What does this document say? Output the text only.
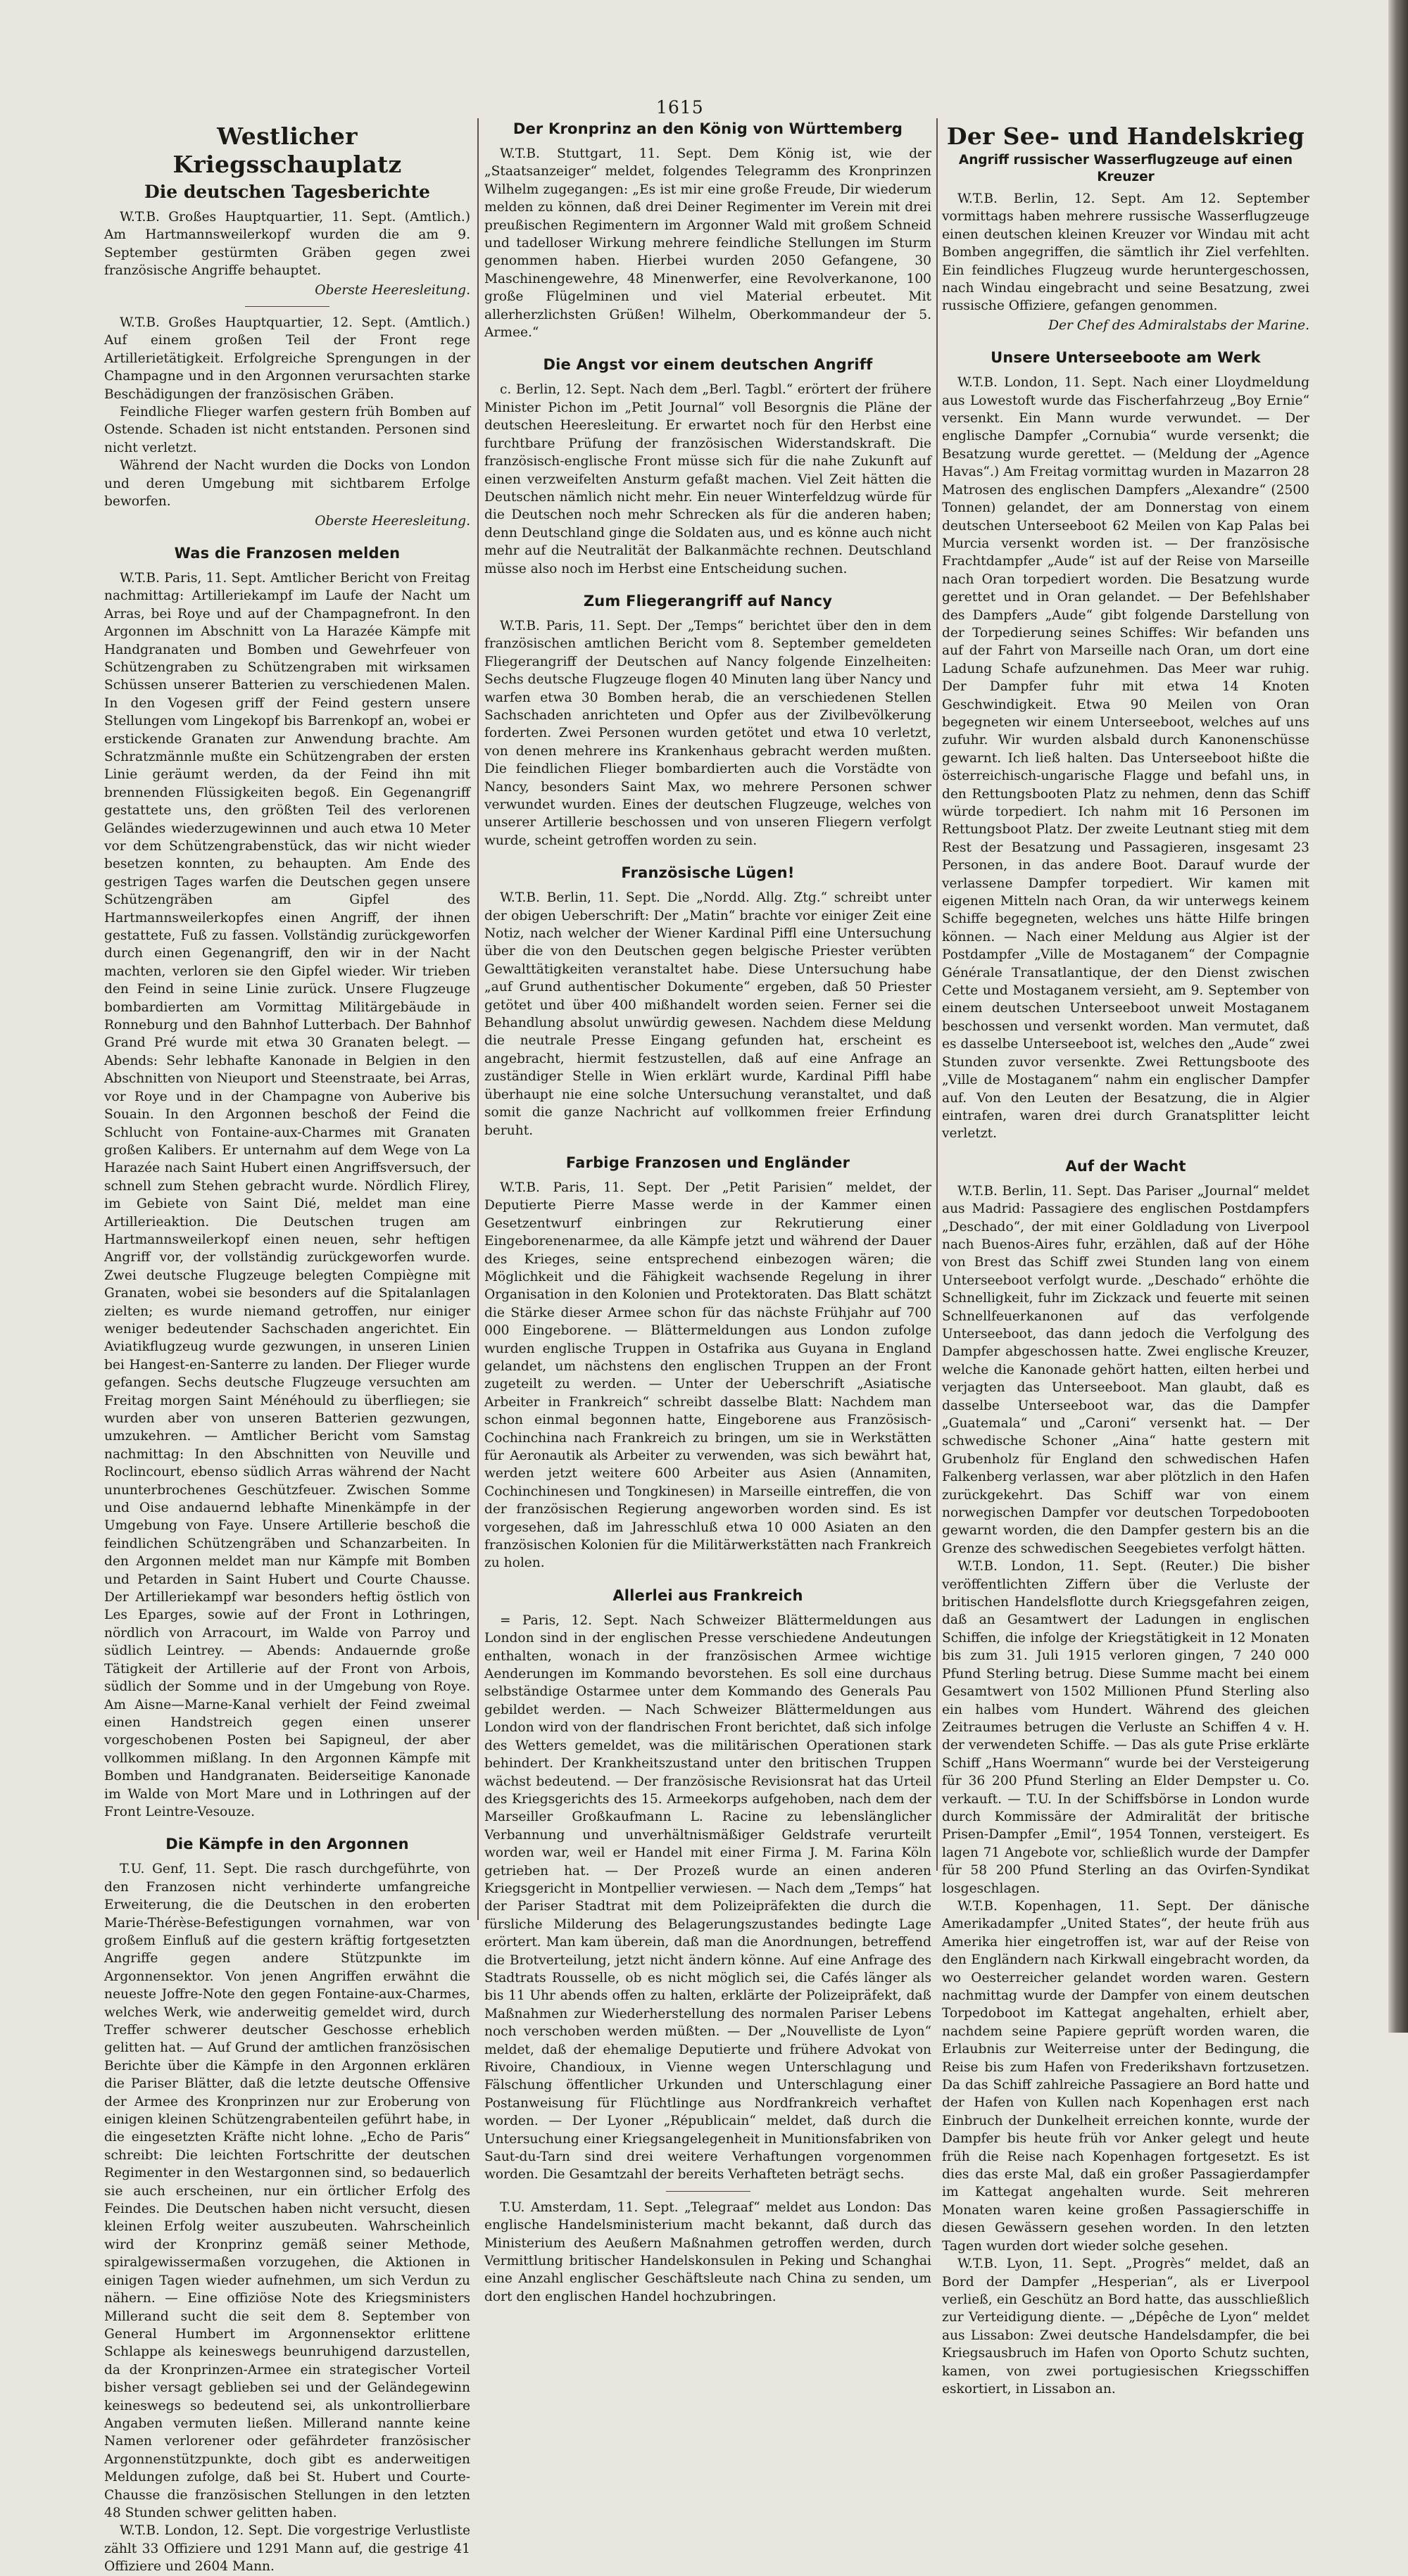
1615
Westlicher Kriegsschauplatz
Die deutschen Tagesberichte

W.T.B. Großes Hauptquartier, 11. Sept. (Amtlich.) Am Hartmannsweilerkopf wurden die am 9. September gestürmten Gräben gegen zwei französische Angriffe behauptet.

Oberste Heeresleitung.

W.T.B. Großes Hauptquartier, 12. Sept. (Amtlich.) Auf einem großen Teil der Front rege Artillerietätigkeit. Erfolgreiche Sprengungen in der Champagne und in den Argonnen verursachten starke Beschädigungen der französischen Gräben.

Feindliche Flieger warfen gestern früh Bomben auf Ostende. Schaden ist nicht entstanden. Personen sind nicht verletzt.

Während der Nacht wurden die Docks von London und deren Umgebung mit sichtbarem Erfolge beworfen.

Oberste Heeresleitung.
Was die Franzosen melden

W.T.B. Paris, 11. Sept. Amtlicher Bericht von Freitag nachmittag: Artilleriekampf im Laufe der Nacht um Arras, bei Roye und auf der Champagnefront. In den Argonnen im Abschnitt von La Harazée Kämpfe mit Handgranaten und Bomben und Gewehrfeuer von Schützengraben zu Schützengraben mit wirksamen Schüssen unserer Batterien zu verschiedenen Malen. In den Vogesen griff der Feind gestern unsere Stellungen vom Lingekopf bis Barrenkopf an, wobei er erstickende Granaten zur Anwendung brachte. Am Schratzmännle mußte ein Schützengraben der ersten Linie geräumt werden, da der Feind ihn mit brennenden Flüssigkeiten begoß. Ein Gegenangriff gestattete uns, den größten Teil des verlorenen Geländes wiederzugewinnen und auch etwa 10 Meter vor dem Schützengrabenstück, das wir nicht wieder besetzen konnten, zu behaupten. Am Ende des gestrigen Tages warfen die Deutschen gegen unsere Schützengräben am Gipfel des Hartmannsweilerkopfes einen Angriff, der ihnen gestattete, Fuß zu fassen. Vollständig zurückgeworfen durch einen Gegenangriff, den wir in der Nacht machten, verloren sie den Gipfel wieder. Wir trieben den Feind in seine Linie zurück. Unsere Flugzeuge bombardierten am Vormittag Militärgebäude in Ronneburg und den Bahnhof Lutterbach. Der Bahnhof Grand Pré wurde mit etwa 30 Granaten belegt. — Abends: Sehr lebhafte Kanonade in Belgien in den Abschnitten von Nieuport und Steenstraate, bei Arras, vor Roye und in der Champagne von Auberive bis Souain. In den Argonnen beschoß der Feind die Schlucht von Fontaine-aux-Charmes mit Granaten großen Kalibers. Er unternahm auf dem Wege von La Harazée nach Saint Hubert einen Angriffsversuch, der schnell zum Stehen gebracht wurde. Nördlich Flirey, im Gebiete von Saint Dié, meldet man eine Artillerieaktion. Die Deutschen trugen am Hartmannsweilerkopf einen neuen, sehr heftigen Angriff vor, der vollständig zurückgeworfen wurde. Zwei deutsche Flugzeuge belegten Compiègne mit Granaten, wobei sie besonders auf die Spitalanlagen zielten; es wurde niemand getroffen, nur einiger weniger bedeutender Sachschaden angerichtet. Ein Aviatikflugzeug wurde gezwungen, in unseren Linien bei Hangest-en-Santerre zu landen. Der Flieger wurde gefangen. Sechs deutsche Flugzeuge versuchten am Freitag morgen Saint Ménéhould zu überfliegen; sie wurden aber von unseren Batterien gezwungen, umzukehren. — Amtlicher Bericht vom Samstag nachmittag: In den Abschnitten von Neuville und Roclincourt, ebenso südlich Arras während der Nacht ununterbrochenes Geschützfeuer. Zwischen Somme und Oise andauernd lebhafte Minenkämpfe in der Umgebung von Faye. Unsere Artillerie beschoß die feindlichen Schützengräben und Schanzarbeiten. In den Argonnen meldet man nur Kämpfe mit Bomben und Petarden in Saint Hubert und Courte Chausse. Der Artilleriekampf war besonders heftig östlich von Les Eparges, sowie auf der Front in Lothringen, nördlich von Arracourt, im Walde von Parroy und südlich Leintrey. — Abends: Andauernde große Tätigkeit der Artillerie auf der Front von Arbois, südlich der Somme und in der Umgebung von Roye. Am Aisne—Marne-Kanal verhielt der Feind zweimal einen Handstreich gegen einen unserer vorgeschobenen Posten bei Sapigneul, der aber vollkommen mißlang. In den Argonnen Kämpfe mit Bomben und Handgranaten. Beiderseitige Kanonade im Walde von Mort Mare und in Lothringen auf der Front Leintre-Vesouze.

Die Kämpfe in den Argonnen

T.U. Genf, 11. Sept. Die rasch durchgeführte, von den Franzosen nicht verhinderte umfangreiche Erweiterung, die die Deutschen in den eroberten Marie-Thérèse-Befestigungen vornahmen, war von großem Einfluß auf die gestern kräftig fortgesetzten Angriffe gegen andere Stützpunkte im Argonnensektor. Von jenen Angriffen erwähnt die neueste Joffre-Note den gegen Fontaine-aux-Charmes, welches Werk, wie anderweitig gemeldet wird, durch Treffer schwerer deutscher Geschosse erheblich gelitten hat. — Auf Grund der amtlichen französischen Berichte über die Kämpfe in den Argonnen erklären die Pariser Blätter, daß die letzte deutsche Offensive der Armee des Kronprinzen nur zur Eroberung von einigen kleinen Schützengrabenteilen geführt habe, in die eingesetzten Kräfte nicht lohne. „Echo de Paris“ schreibt: Die leichten Fortschritte der deutschen Regimenter in den Westargonnen sind, so bedauerlich sie auch erscheinen, nur ein örtlicher Erfolg des Feindes. Die Deutschen haben nicht versucht, diesen kleinen Erfolg weiter auszubeuten. Wahrscheinlich wird der Kronprinz gemäß seiner Methode, spiralgewissermaßen vorzugehen, die Aktionen in einigen Tagen wieder aufnehmen, um sich Verdun zu nähern. — Eine offiziöse Note des Kriegsministers Millerand sucht die seit dem 8. September von General Humbert im Argonnensektor erlittene Schlappe als keineswegs beunruhigend darzustellen, da der Kronprinzen-Armee ein strategischer Vorteil bisher versagt geblieben sei und der Geländegewinn keineswegs so bedeutend sei, als unkontrollierbare Angaben vermuten ließen. Millerand nannte keine Namen verlorener oder gefährdeter französischer Argonnenstützpunkte, doch gibt es anderweitigen Meldungen zufolge, daß bei St. Hubert und Courte-Chausse die französischen Stellungen in den letzten 48 Stunden schwer gelitten haben.

W.T.B. London, 12. Sept. Die vorgestrige Verlustliste zählt 33 Offiziere und 1291 Mann auf, die gestrige 41 Offiziere und 2604 Mann.

Der Kronprinz an den König von Württemberg

W.T.B. Stuttgart, 11. Sept. Dem König ist, wie der „Staatsanzeiger“ meldet, folgendes Telegramm des Kronprinzen Wilhelm zugegangen: „Es ist mir eine große Freude, Dir wiederum melden zu können, daß drei Deiner Regimenter im Verein mit drei preußischen Regimentern im Argonner Wald mit großem Schneid und tadelloser Wirkung mehrere feindliche Stellungen im Sturm genommen haben. Hierbei wurden 2050 Gefangene, 30 Maschinengewehre, 48 Minenwerfer, eine Revolverkanone, 100 große Flügelminen und viel Material erbeutet. Mit allerherzlichsten Grüßen! Wilhelm, Oberkommandeur der 5. Armee.“

Die Angst vor einem deutschen Angriff

c. Berlin, 12. Sept. Nach dem „Berl. Tagbl.“ erörtert der frühere Minister Pichon im „Petit Journal“ voll Besorgnis die Pläne der deutschen Heeresleitung. Er erwartet noch für den Herbst eine furchtbare Prüfung der französischen Widerstandskraft. Die französisch-englische Front müsse sich für die nahe Zukunft auf einen verzweifelten Ansturm gefaßt machen. Viel Zeit hätten die Deutschen nämlich nicht mehr. Ein neuer Winterfeldzug würde für die Deutschen noch mehr Schrecken als für die anderen haben; denn Deutschland ginge die Soldaten aus, und es könne auch nicht mehr auf die Neutralität der Balkanmächte rechnen. Deutschland müsse also noch im Herbst eine Entscheidung suchen.

Zum Fliegerangriff auf Nancy

W.T.B. Paris, 11. Sept. Der „Temps“ berichtet über den in dem französischen amtlichen Bericht vom 8. September gemeldeten Fliegerangriff der Deutschen auf Nancy folgende Einzelheiten: Sechs deutsche Flugzeuge flogen 40 Minuten lang über Nancy und warfen etwa 30 Bomben herab, die an verschiedenen Stellen Sachschaden anrichteten und Opfer aus der Zivilbevölkerung forderten. Zwei Personen wurden getötet und etwa 10 verletzt, von denen mehrere ins Krankenhaus gebracht werden mußten. Die feindlichen Flieger bombardierten auch die Vorstädte von Nancy, besonders Saint Max, wo mehrere Personen schwer verwundet wurden. Eines der deutschen Flugzeuge, welches von unserer Artillerie beschossen und von unseren Fliegern verfolgt wurde, scheint getroffen worden zu sein.

Französische Lügen!

W.T.B. Berlin, 11. Sept. Die „Nordd. Allg. Ztg.“ schreibt unter der obigen Ueberschrift: Der „Matin“ brachte vor einiger Zeit eine Notiz, nach welcher der Wiener Kardinal Piffl eine Untersuchung über die von den Deutschen gegen belgische Priester verübten Gewalttätigkeiten veranstaltet habe. Diese Untersuchung habe „auf Grund authentischer Dokumente“ ergeben, daß 50 Priester getötet und über 400 mißhandelt worden seien. Ferner sei die Behandlung absolut unwürdig gewesen. Nachdem diese Meldung die neutrale Presse Eingang gefunden hat, erscheint es angebracht, hiermit festzustellen, daß auf eine Anfrage an zuständiger Stelle in Wien erklärt wurde, Kardinal Piffl habe überhaupt nie eine solche Untersuchung veranstaltet, und daß somit die ganze Nachricht auf vollkommen freier Erfindung beruht.

Farbige Franzosen und Engländer

W.T.B. Paris, 11. Sept. Der „Petit Parisien“ meldet, der Deputierte Pierre Masse werde in der Kammer einen Gesetzentwurf einbringen zur Rekrutierung einer Eingeborenenarmee, da alle Kämpfe jetzt und während der Dauer des Krieges, seine entsprechend einbezogen wären; die Möglichkeit und die Fähigkeit wachsende Regelung in ihrer Organisation in den Kolonien und Protektoraten. Das Blatt schätzt die Stärke dieser Armee schon für das nächste Frühjahr auf 700 000 Eingeborene. — Blättermeldungen aus London zufolge wurden englische Truppen in Ostafrika aus Guyana in England gelandet, um nächstens den englischen Truppen an der Front zugeteilt zu werden. — Unter der Ueberschrift „Asiatische Arbeiter in Frankreich“ schreibt dasselbe Blatt: Nachdem man schon einmal begonnen hatte, Eingeborene aus Französisch-Cochinchina nach Frankreich zu bringen, um sie in Werkstätten für Aeronautik als Arbeiter zu verwenden, was sich bewährt hat, werden jetzt weitere 600 Arbeiter aus Asien (Annamiten, Cochinchinesen und Tongkinesen) in Marseille eintreffen, die von der französischen Regierung angeworben worden sind. Es ist vorgesehen, daß im Jahresschluß etwa 10 000 Asiaten an den französischen Kolonien für die Militärwerkstätten nach Frankreich zu holen.

Allerlei aus Frankreich

= Paris, 12. Sept. Nach Schweizer Blättermeldungen aus London sind in der englischen Presse verschiedene Andeutungen enthalten, wonach in der französischen Armee wichtige Aenderungen im Kommando bevorstehen. Es soll eine durchaus selbständige Ostarmee unter dem Kommando des Generals Pau gebildet werden. — Nach Schweizer Blättermeldungen aus London wird von der flandrischen Front berichtet, daß sich infolge des Wetters gemeldet, was die militärischen Operationen stark behindert. Der Krankheitszustand unter den britischen Truppen wächst bedeutend. — Der französische Revisionsrat hat das Urteil des Kriegsgerichts des 15. Armeekorps aufgehoben, nach dem der Marseiller Großkaufmann L. Racine zu lebenslänglicher Verbannung und unverhältnismäßiger Geldstrafe verurteilt worden war, weil er Handel mit einer Firma J. M. Farina Köln getrieben hat. — Der Prozeß wurde an einen anderen Kriegsgericht in Montpellier verwiesen. — Nach dem „Temps“ hat der Pariser Stadtrat mit dem Polizeipräfekten die durch die fürsliche Milderung des Belagerungszustandes bedingte Lage erörtert. Man kam überein, daß man die Anordnungen, betreffend die Brotverteilung, jetzt nicht ändern könne. Auf eine Anfrage des Stadtrats Rousselle, ob es nicht möglich sei, die Cafés länger als bis 11 Uhr abends offen zu halten, erklärte der Polizeipräfekt, daß Maßnahmen zur Wiederherstellung des normalen Pariser Lebens noch verschoben werden müßten. — Der „Nouvelliste de Lyon“ meldet, daß der ehemalige Deputierte und frühere Advokat von Rivoire, Chandioux, in Vienne wegen Unterschlagung und Fälschung öffentlicher Urkunden und Unterschlagung einer Postanweisung für Flüchtlinge aus Nordfrankreich verhaftet worden. — Der Lyoner „Républicain“ meldet, daß durch die Untersuchung einer Kriegsangelegenheit in Munitionsfabriken von Saut-du-Tarn sind drei weitere Verhaftungen vorgenommen worden. Die Gesamtzahl der bereits Verhafteten beträgt sechs.

T.U. Amsterdam, 11. Sept. „Telegraaf“ meldet aus London: Das englische Handelsministerium macht bekannt, daß durch das Ministerium des Aeußern Maßnahmen getroffen werden, durch Vermittlung britischer Handelskonsulen in Peking und Schanghai eine Anzahl englischer Geschäftsleute nach China zu senden, um dort den englischen Handel hochzubringen.

Der See- und Handelskrieg
Angriff russischer Wasserflugzeuge auf einen Kreuzer

W.T.B. Berlin, 12. Sept. Am 12. September vormittags haben mehrere russische Wasserflugzeuge einen deutschen kleinen Kreuzer vor Windau mit acht Bomben angegriffen, die sämtlich ihr Ziel verfehlten. Ein feindliches Flugzeug wurde heruntergeschossen, nach Windau eingebracht und seine Besatzung, zwei russische Offiziere, gefangen genommen.

Der Chef des Admiralstabs der Marine.
Unsere Unterseeboote am Werk

W.T.B. London, 11. Sept. Nach einer Lloydmeldung aus Lowestoft wurde das Fischerfahrzeug „Boy Ernie“ versenkt. Ein Mann wurde verwundet. — Der englische Dampfer „Cornubia“ wurde versenkt; die Besatzung wurde gerettet. — (Meldung der „Agence Havas“.) Am Freitag vormittag wurden in Mazarron 28 Matrosen des englischen Dampfers „Alexandre“ (2500 Tonnen) gelandet, der am Donnerstag von einem deutschen Unterseeboot 62 Meilen von Kap Palas bei Murcia versenkt worden ist. — Der französische Frachtdampfer „Aude“ ist auf der Reise von Marseille nach Oran torpediert worden. Die Besatzung wurde gerettet und in Oran gelandet. — Der Befehlshaber des Dampfers „Aude“ gibt folgende Darstellung von der Torpedierung seines Schiffes: Wir befanden uns auf der Fahrt von Marseille nach Oran, um dort eine Ladung Schafe aufzunehmen. Das Meer war ruhig. Der Dampfer fuhr mit etwa 14 Knoten Geschwindigkeit. Etwa 90 Meilen von Oran begegneten wir einem Unterseeboot, welches auf uns zufuhr. Wir wurden alsbald durch Kanonenschüsse gewarnt. Ich ließ halten. Das Unterseeboot hißte die österreichisch-ungarische Flagge und befahl uns, in den Rettungsbooten Platz zu nehmen, denn das Schiff würde torpediert. Ich nahm mit 16 Personen im Rettungsboot Platz. Der zweite Leutnant stieg mit dem Rest der Besatzung und Passagieren, insgesamt 23 Personen, in das andere Boot. Darauf wurde der verlassene Dampfer torpediert. Wir kamen mit eigenen Mitteln nach Oran, da wir unterwegs keinem Schiffe begegneten, welches uns hätte Hilfe bringen können. — Nach einer Meldung aus Algier ist der Postdampfer „Ville de Mostaganem“ der Compagnie Générale Transatlantique, der den Dienst zwischen Cette und Mostaganem versieht, am 9. September von einem deutschen Unterseeboot unweit Mostaganem beschossen und versenkt worden. Man vermutet, daß es dasselbe Unterseeboot ist, welches den „Aude“ zwei Stunden zuvor versenkte. Zwei Rettungsboote des „Ville de Mostaganem“ nahm ein englischer Dampfer auf. Von den Leuten der Besatzung, die in Algier eintrafen, waren drei durch Granatsplitter leicht verletzt.

Auf der Wacht

W.T.B. Berlin, 11. Sept. Das Pariser „Journal“ meldet aus Madrid: Passagiere des englischen Postdampfers „Deschado“, der mit einer Goldladung von Liverpool nach Buenos-Aires fuhr, erzählen, daß auf der Höhe von Brest das Schiff zwei Stunden lang von einem Unterseeboot verfolgt wurde. „Deschado“ erhöhte die Schnelligkeit, fuhr im Zickzack und feuerte mit seinen Schnellfeuerkanonen auf das verfolgende Unterseeboot, das dann jedoch die Verfolgung des Dampfer abgeschossen hatte. Zwei englische Kreuzer, welche die Kanonade gehört hatten, eilten herbei und verjagten das Unterseeboot. Man glaubt, daß es dasselbe Unterseeboot war, das die Dampfer „Guatemala“ und „Caroni“ versenkt hat. — Der schwedische Schoner „Aina“ hatte gestern mit Grubenholz für England den schwedischen Hafen Falkenberg verlassen, war aber plötzlich in den Hafen zurückgekehrt. Das Schiff war von einem norwegischen Dampfer vor deutschen Torpedobooten gewarnt worden, die den Dampfer gestern bis an die Grenze des schwedischen Seegebietes verfolgt hätten.

W.T.B. London, 11. Sept. (Reuter.) Die bisher veröffentlichten Ziffern über die Verluste der britischen Handelsflotte durch Kriegsgefahren zeigen, daß an Gesamtwert der Ladungen in englischen Schiffen, die infolge der Kriegstätigkeit in 12 Monaten bis zum 31. Juli 1915 verloren gingen, 7 240 000 Pfund Sterling betrug. Diese Summe macht bei einem Gesamtwert von 1502 Millionen Pfund Sterling also ein halbes vom Hundert. Während des gleichen Zeitraumes betrugen die Verluste an Schiffen 4 v. H. der verwendeten Schiffe. — Das als gute Prise erklärte Schiff „Hans Woermann“ wurde bei der Versteigerung für 36 200 Pfund Sterling an Elder Dempster u. Co. verkauft. — T.U. In der Schiffsbörse in London wurde durch Kommissäre der Admiralität der britische Prisen-Dampfer „Emil“, 1954 Tonnen, versteigert. Es lagen 71 Angebote vor, schließlich wurde der Dampfer für 58 200 Pfund Sterling an das Ovirfen-Syndikat losgeschlagen.

W.T.B. Kopenhagen, 11. Sept. Der dänische Amerikadampfer „United States“, der heute früh aus Amerika hier eingetroffen ist, war auf der Reise von den Engländern nach Kirkwall eingebracht worden, da wo Oesterreicher gelandet worden waren. Gestern nachmittag wurde der Dampfer von einem deutschen Torpedoboot im Kattegat angehalten, erhielt aber, nachdem seine Papiere geprüft worden waren, die Erlaubnis zur Weiterreise unter der Bedingung, die Reise bis zum Hafen von Frederikshavn fortzusetzen. Da das Schiff zahlreiche Passagiere an Bord hatte und der Hafen von Kullen nach Kopenhagen erst nach Einbruch der Dunkelheit erreichen konnte, wurde der Dampfer bis heute früh vor Anker gelegt und heute früh die Reise nach Kopenhagen fortgesetzt. Es ist dies das erste Mal, daß ein großer Passagierdampfer im Kattegat angehalten wurde. Seit mehreren Monaten waren keine großen Passagierschiffe in diesen Gewässern gesehen worden. In den letzten Tagen wurden dort wieder solche gesehen.

W.T.B. Lyon, 11. Sept. „Progrès“ meldet, daß an Bord der Dampfer „Hesperian“, als er Liverpool verließ, ein Geschütz an Bord hatte, das ausschließlich zur Verteidigung diente. — „Dépêche de Lyon“ meldet aus Lissabon: Zwei deutsche Handelsdampfer, die bei Kriegsausbruch im Hafen von Oporto Schutz suchten, kamen, von zwei portugiesischen Kriegsschiffen eskortiert, in Lissabon an.
